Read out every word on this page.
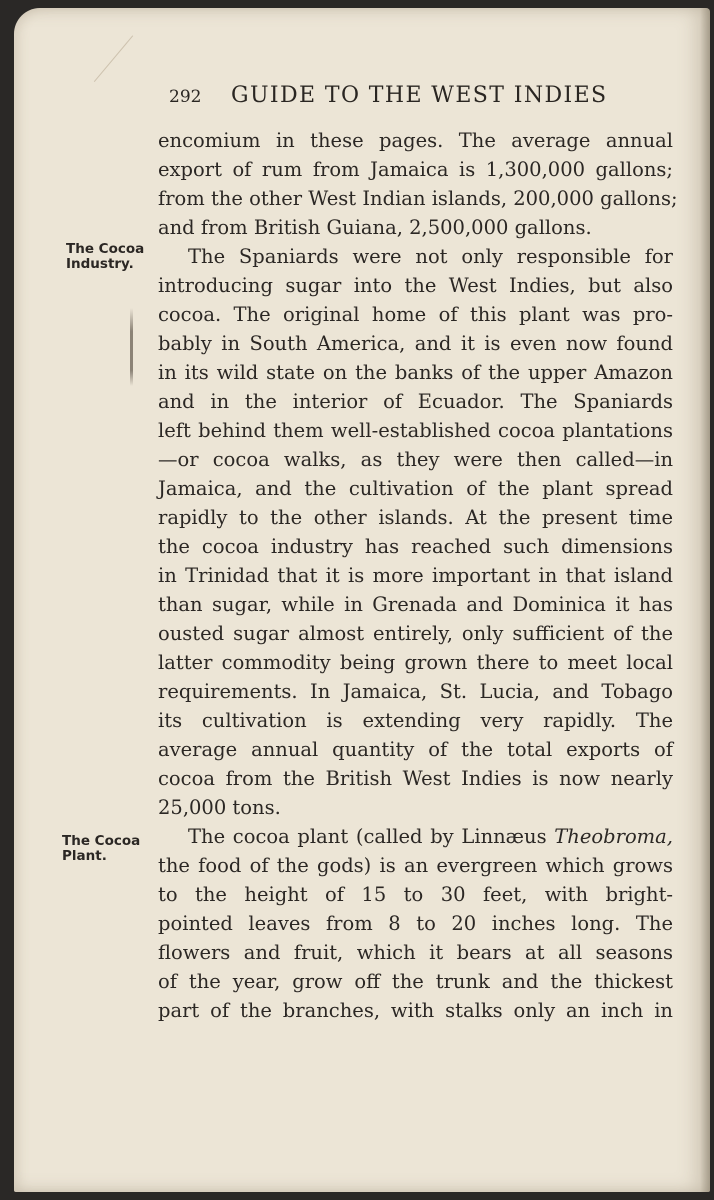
292 GUIDE TO THE WEST INDIES
The Cocoa
Industry.
The Cocoa
Plant.
encomium in these pages. The average annual
export of rum from Jamaica is 1,300,000 gallons;
from the other West Indian islands, 200,000 gallons;
and from British Guiana, 2,500,000 gallons.
The Spaniards were not only responsible for
introducing sugar into the West Indies, but also
cocoa. The original home of this plant was pro-
bably in South America, and it is even now found
in its wild state on the banks of the upper Amazon
and in the interior of Ecuador. The Spaniards
left behind them well-established cocoa plantations
—or cocoa walks, as they were then called—in
Jamaica, and the cultivation of the plant spread
rapidly to the other islands. At the present time
the cocoa industry has reached such dimensions
in Trinidad that it is more important in that island
than sugar, while in Grenada and Dominica it has
ousted sugar almost entirely, only sufficient of the
latter commodity being grown there to meet local
requirements. In Jamaica, St. Lucia, and Tobago
its cultivation is extending very rapidly. The
average annual quantity of the total exports of
cocoa from the British West Indies is now nearly
25,000 tons.
The cocoa plant (called by Linnæus Theobroma,
the food of the gods) is an evergreen which grows
to the height of 15 to 30 feet, with bright-
pointed leaves from 8 to 20 inches long. The
flowers and fruit, which it bears at all seasons
of the year, grow off the trunk and the thickest
part of the branches, with stalks only an inch in
